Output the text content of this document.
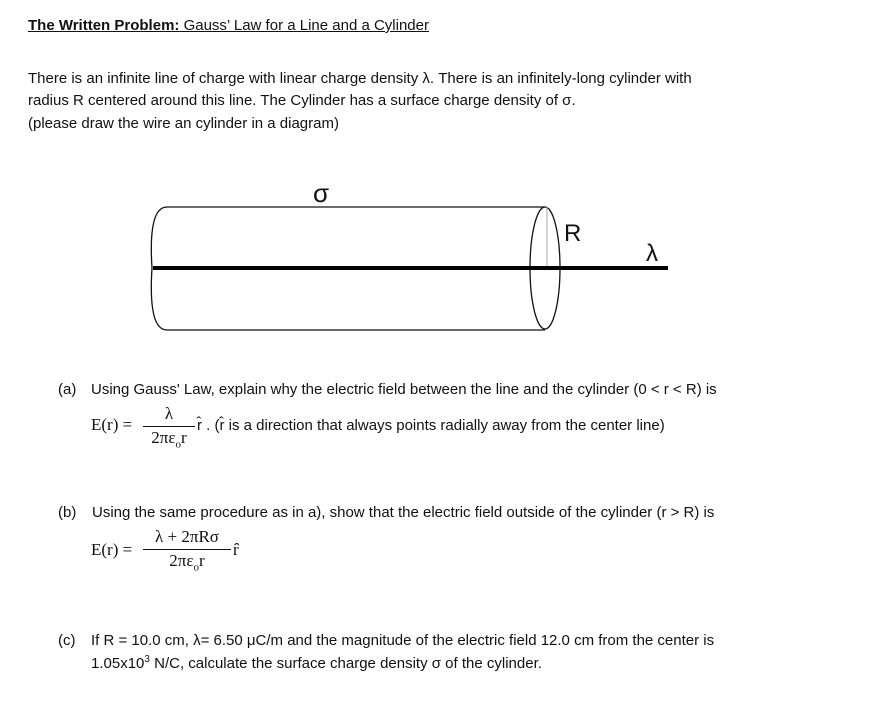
The Written Problem: Gauss’ Law for a Line and a Cylinder
There is an infinite line of charge with linear charge density λ. There is an infinitely-long cylinder with
radius R centered around this line. The Cylinder has a surface charge density of σ.
(please draw the wire an cylinder in a diagram)
σ
R
λ
(a) Using Gauss' Law, explain why the electric field between the line and the cylinder (0 < r < R) is
E(r) =
λ
$2\pi\varepsilon_or$
r̂ . (r̂ is a direction that always points radially away from the center line)
(b) Using the same procedure as in a), show that the electric field outside of the cylinder (r > R) is
E(r) =
λ + 2πRσ
$2\pi\varepsilon_or$
r̂
(c) If R = 10.0 cm, λ= 6.50 μC/m and the magnitude of the electric field 12.0 cm from the center is
$1.05x10^3$ N/C, calculate the surface charge density σ of the cylinder.
